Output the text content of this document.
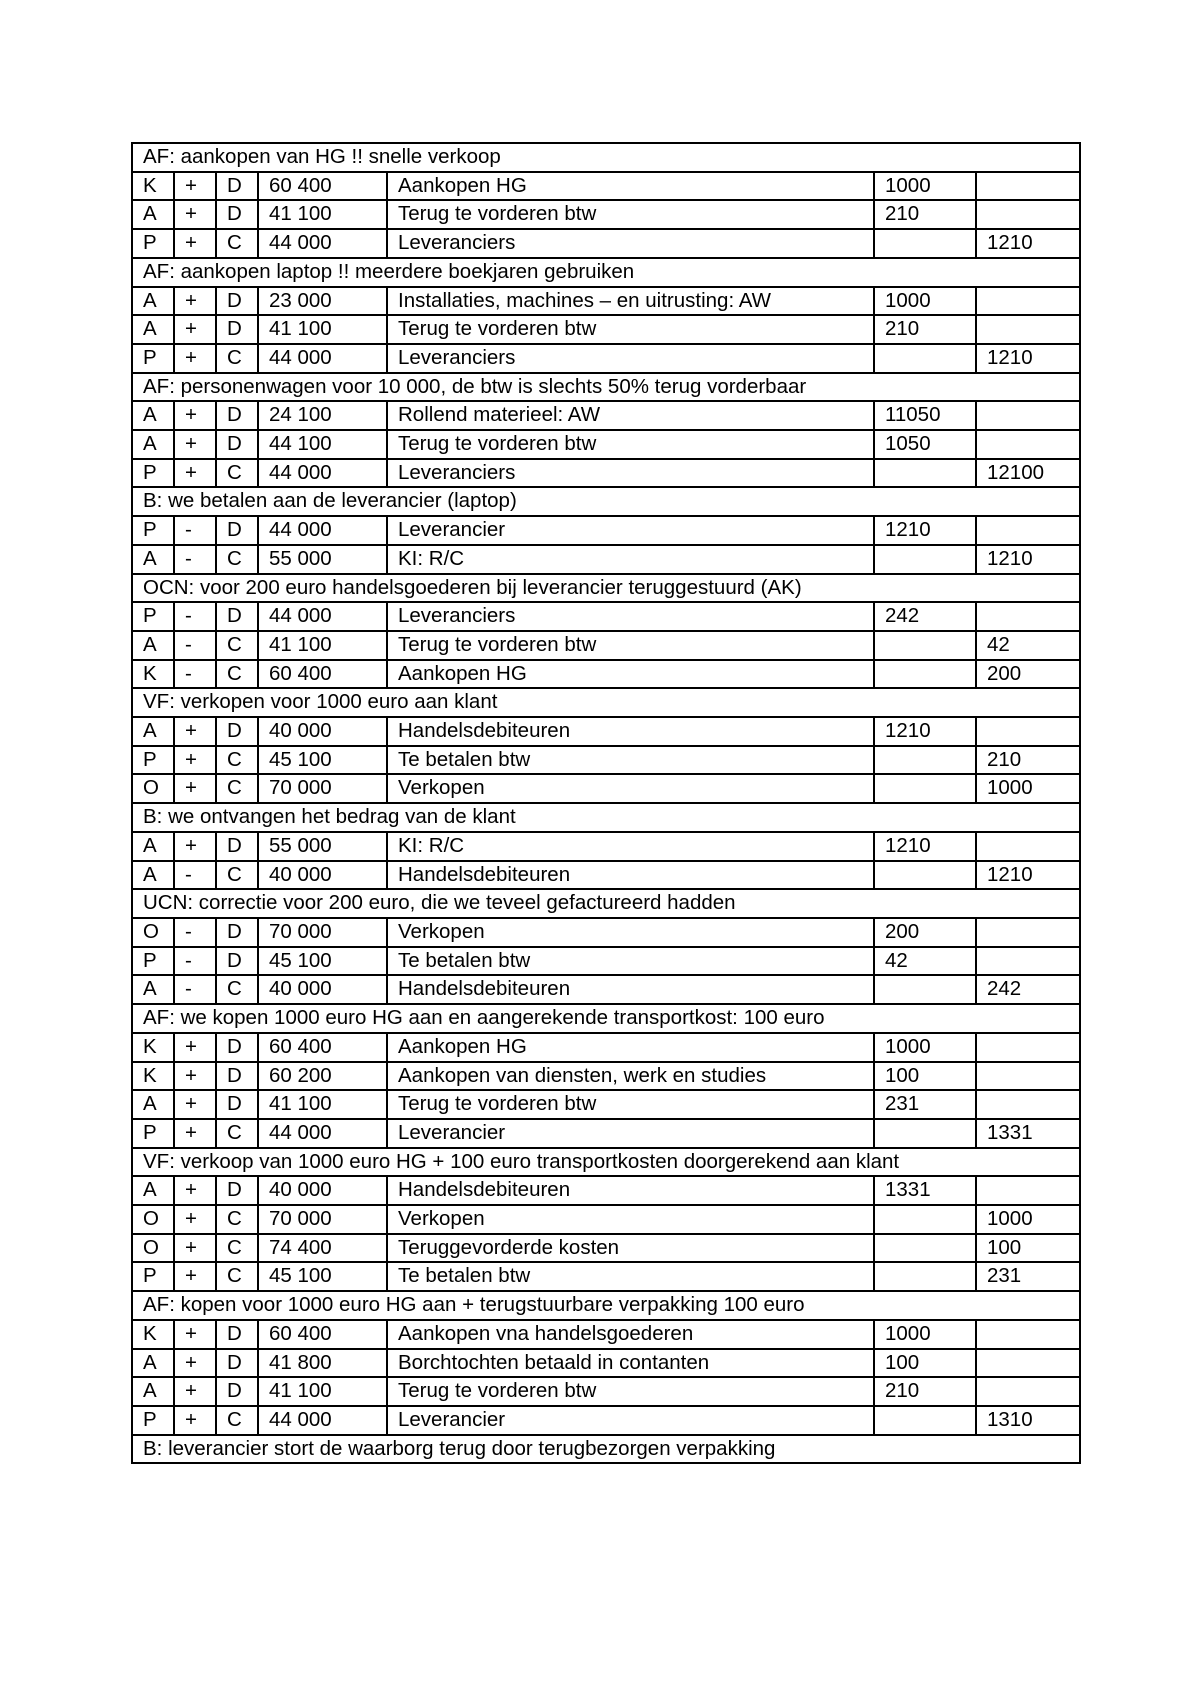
AF: aankopen van HG !! snelle verkoop						
K	+	D	60 400	Aankopen HG	1000	
A	+	D	41 100	Terug te vorderen btw	210	
P	+	C	44 000	Leveranciers		1210
AF: aankopen laptop !! meerdere boekjaren gebruiken						
A	+	D	23 000	Installaties, machines – en uitrusting: AW	1000	
A	+	D	41 100	Terug te vorderen btw	210	
P	+	C	44 000	Leveranciers		1210
AF: personenwagen voor 10 000, de btw is slechts 50% terug vorderbaar						
A	+	D	24 100	Rollend materieel: AW	11050	
A	+	D	44 100	Terug te vorderen btw	1050	
P	+	C	44 000	Leveranciers		12100
B: we betalen aan de leverancier (laptop)						
P	-	D	44 000	Leverancier	1210	
A	-	C	55 000	KI: R/C		1210
OCN: voor 200 euro handelsgoederen bij leverancier teruggestuurd (AK)						
P	-	D	44 000	Leveranciers	242	
A	-	C	41 100	Terug te vorderen btw		42
K	-	C	60 400	Aankopen HG		200
VF: verkopen voor 1000 euro aan klant						
A	+	D	40 000	Handelsdebiteuren	1210	
P	+	C	45 100	Te betalen btw		210
O	+	C	70 000	Verkopen		1000
B: we ontvangen het bedrag van de klant						
A	+	D	55 000	KI: R/C	1210	
A	-	C	40 000	Handelsdebiteuren		1210
UCN: correctie voor 200 euro, die we teveel gefactureerd hadden						
O	-	D	70 000	Verkopen	200	
P	-	D	45 100	Te betalen btw	42	
A	-	C	40 000	Handelsdebiteuren		242
AF: we kopen 1000 euro HG aan en aangerekende transportkost: 100 euro						
K	+	D	60 400	Aankopen HG	1000	
K	+	D	60 200	Aankopen van diensten, werk en studies	100	
A	+	D	41 100	Terug te vorderen btw	231	
P	+	C	44 000	Leverancier		1331
VF: verkoop van 1000 euro HG + 100 euro transportkosten doorgerekend aan klant						
A	+	D	40 000	Handelsdebiteuren	1331	
O	+	C	70 000	Verkopen		1000
O	+	C	74 400	Teruggevorderde kosten		100
P	+	C	45 100	Te betalen btw		231
AF: kopen voor 1000 euro HG aan + terugstuurbare verpakking 100 euro						
K	+	D	60 400	Aankopen vna handelsgoederen	1000	
A	+	D	41 800	Borchtochten betaald in contanten	100	
A	+	D	41 100	Terug te vorderen btw	210	
P	+	C	44 000	Leverancier		1310
B: leverancier stort de waarborg terug door terugbezorgen verpakking						
